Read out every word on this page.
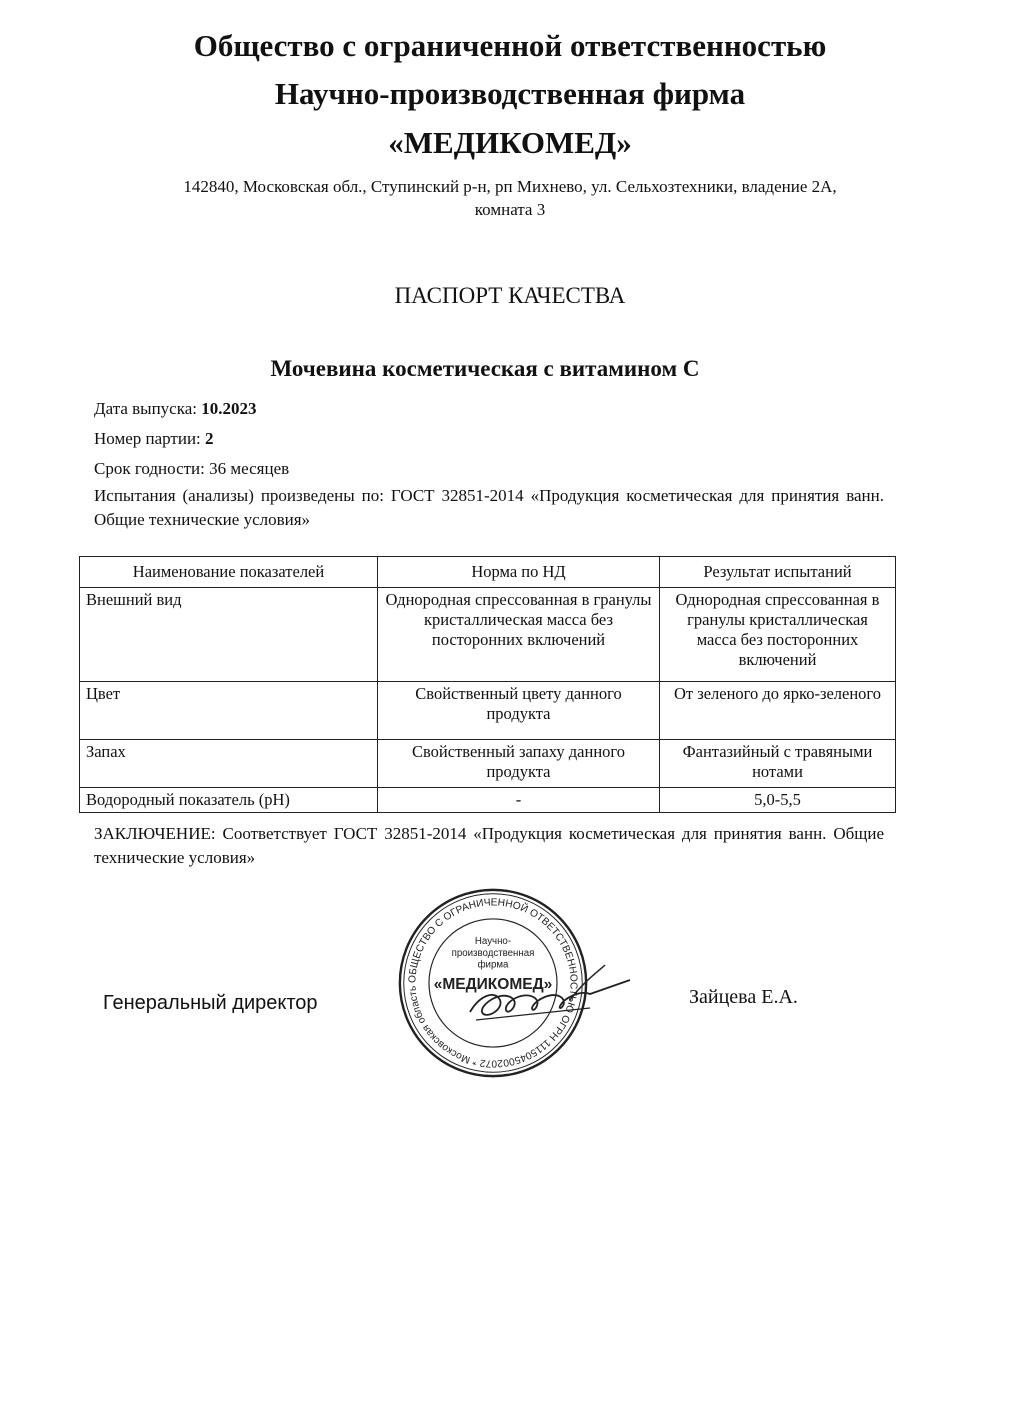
Общество с ограниченной ответственностью
Научно-производственная фирма
«МЕДИКОМЕД»
142840, Московская обл., Ступинский р-н, рп Михнево, ул. Сельхозтехники, владение 2А,
комната 3
ПАСПОРТ КАЧЕСТВА
Мочевина косметическая с витамином С
Дата выпуска: 10.2023
Номер партии: 2
Срок годности: 36 месяцев
Испытания (анализы) произведены по: ГОСТ 32851-2014 «Продукция косметическая для принятия ванн. Общие технические условия»
Наименование показателей	Норма по НД	Результат испытаний
Внешний вид	Однородная спрессованная в гранулы кристаллическая масса без посторонних включений	Однородная спрессованная в гранулы кристаллическая масса без посторонних включений
Цвет	Свойственный цвету данного продукта	От зеленого до ярко-зеленого
Запах	Свойственный запаху данного продукта	Фантазийный с травяными нотами
Водородный показатель (рН)	-	5,0-5,5
ЗАКЛЮЧЕНИЕ: Соответствует ГОСТ 32851-2014 «Продукция косметическая для принятия ванн. Общие технические условия»
Генеральный директор	Зайцева Е.А.
ОБЩЕСТВО С ОГРАНИЧЕННОЙ ОТВЕТСТВЕННОСТЬЮ ОГРН 1115045002072 * Московская область
Научно-
производственная
фирма
«МЕДИКОМЕД»
